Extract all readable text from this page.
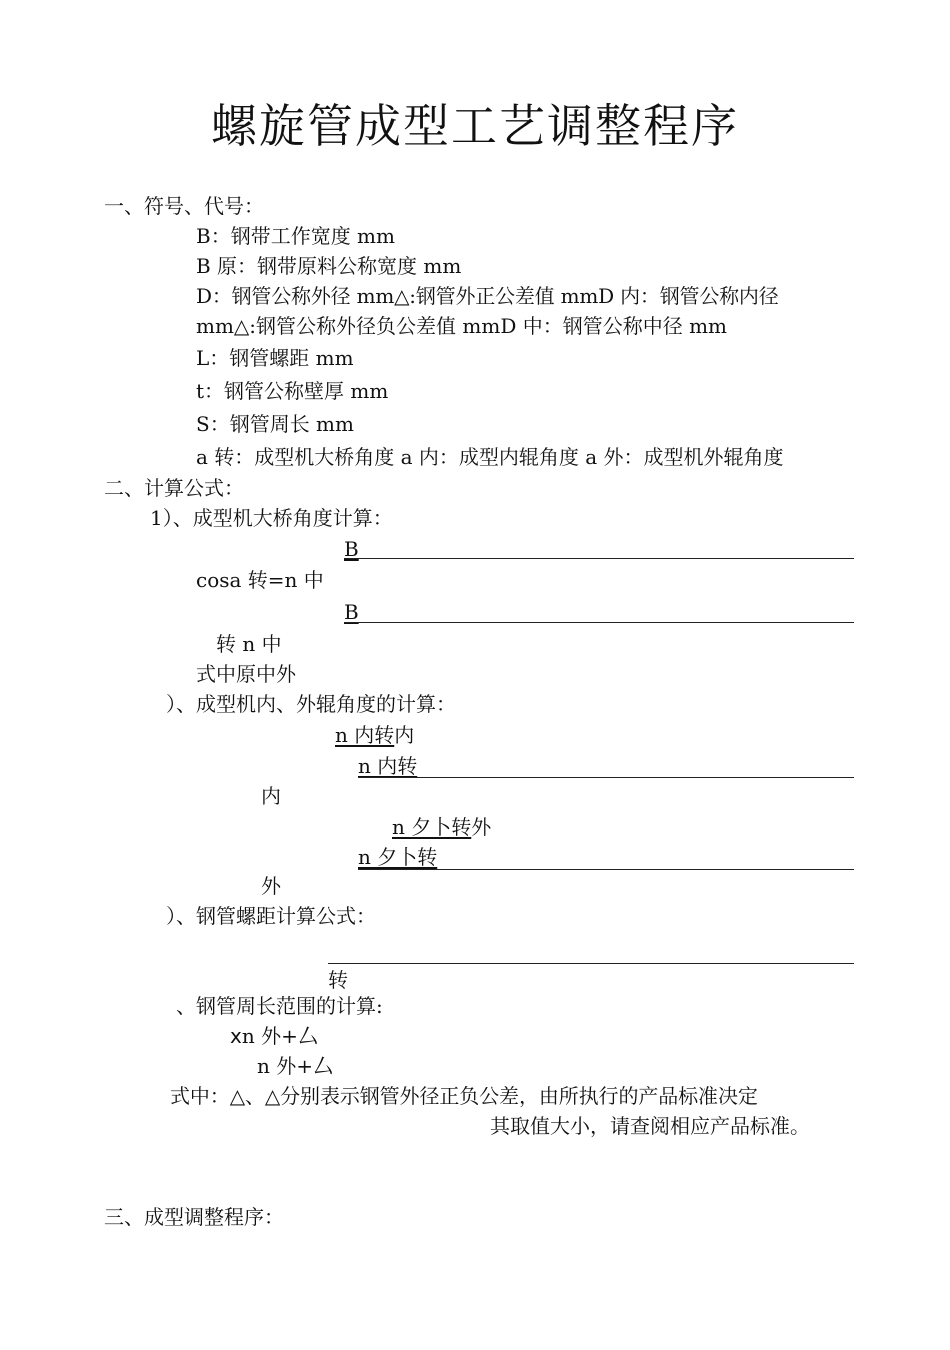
螺旋管成型工艺调整程序
一、符号、代号：
B：钢带工作宽度 mm
B 原：钢带原料公称宽度 mm
D：钢管公称外径 mm△:钢管外正公差值 mmD 内：钢管公称内径
mm△:钢管公称外径负公差值 mmD 中：钢管公称中径 mm
L：钢管螺距 mm
t：钢管公称壁厚 mm
S：钢管周长 mm
a 转：成型机大桥角度 a 内：成型内辊角度 a 外：成型机外辊角度
二、计算公式：
1）、成型机大桥角度计算：
B
cosa 转=n 中
B
转 n 中
式中原中外
）、成型机内、外辊角度的计算：
n 内转内
n 内转
内
n 夕卜转外
n 夕卜转
外
）、钢管螺距计算公式：
转
、钢管周长范围的计算:
xn 外+厶
n 外+厶
式中：△、△分别表示钢管外径正负公差，由所执行的产品标准决定
其取值大小，请查阅相应产品标准。
三、成型调整程序：
